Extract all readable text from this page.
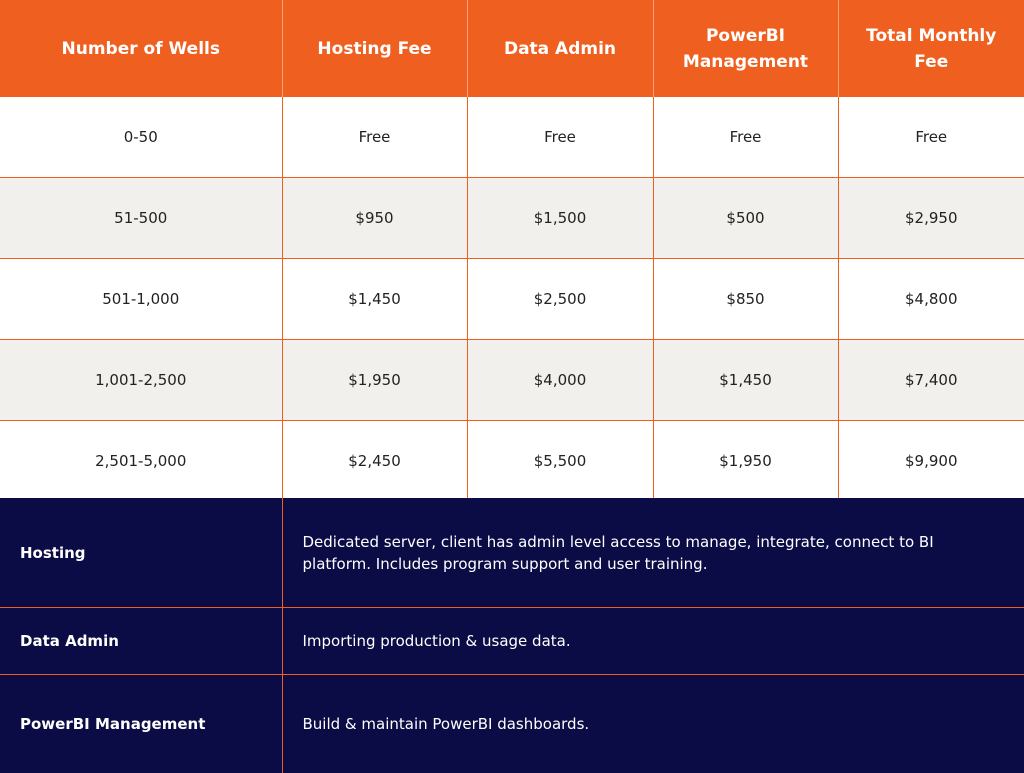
Number of Wells	Hosting Fee	Data Admin	PowerBI Management	Total Monthly Fee
0-50	Free	Free	Free	Free
51-500	$950	$1,500	$500	$2,950
501-1,000	$1,450	$2,500	$850	$4,800
1,001-2,500	$1,950	$4,000	$1,450	$7,400
2,501-5,000	$2,450	$5,500	$1,950	$9,900
Hosting	Dedicated server, client has admin level access to manage, integrate, connect to BI platform. Includes program support and user training.
Data Admin	Importing production & usage data.
PowerBI Management	Build & maintain PowerBI dashboards.
